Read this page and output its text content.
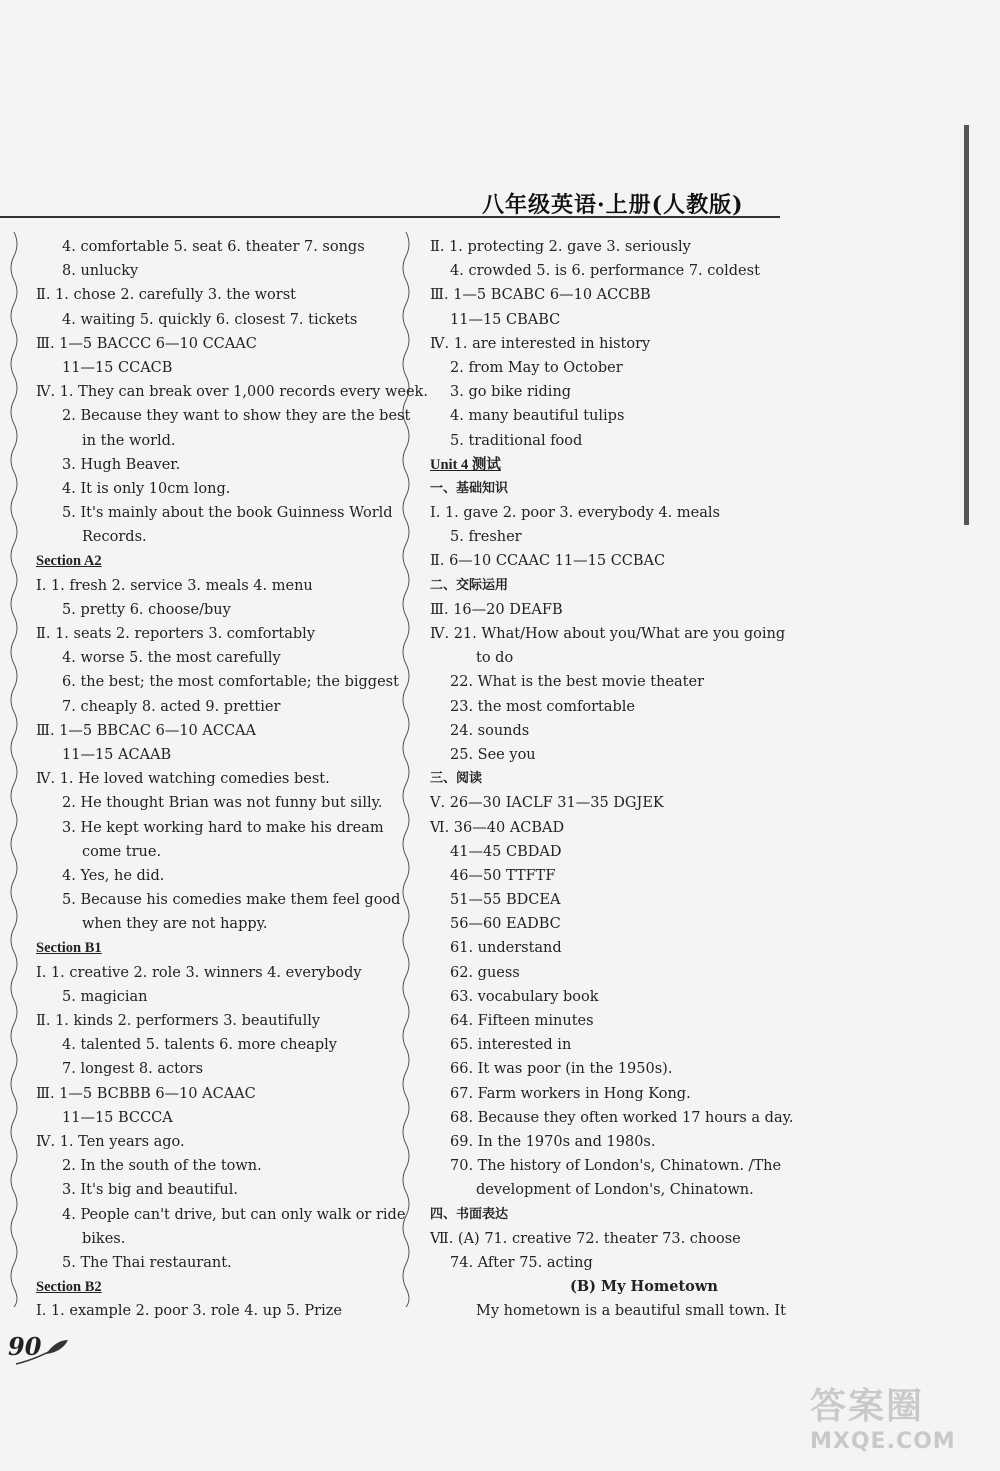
八年级英语·上册(人教版)
4. comfortable 5. seat 6. theater 7. songs
8. unlucky
Ⅱ. 1. chose 2. carefully 3. the worst
4. waiting 5. quickly 6. closest 7. tickets
Ⅲ. 1—5 BACCC 6—10 CCAAC
11—15 CCACB
Ⅳ. 1. They can break over 1,000 records every week.
2. Because they want to show they are the best
in the world.
3. Hugh Beaver.
4. It is only 10cm long.
5. It's mainly about the book Guinness World
Records.
Section A2
Ⅰ. 1. fresh 2. service 3. meals 4. menu
5. pretty 6. choose/buy
Ⅱ. 1. seats 2. reporters 3. comfortably
4. worse 5. the most carefully
6. the best; the most comfortable; the biggest
7. cheaply 8. acted 9. prettier
Ⅲ. 1—5 BBCAC 6—10 ACCAA
11—15 ACAAB
Ⅳ. 1. He loved watching comedies best.
2. He thought Brian was not funny but silly.
3. He kept working hard to make his dream
come true.
4. Yes, he did.
5. Because his comedies make them feel good
when they are not happy.
Section B1
Ⅰ. 1. creative 2. role 3. winners 4. everybody
5. magician
Ⅱ. 1. kinds 2. performers 3. beautifully
4. talented 5. talents 6. more cheaply
7. longest 8. actors
Ⅲ. 1—5 BCBBB 6—10 ACAAC
11—15 BCCCA
Ⅳ. 1. Ten years ago.
2. In the south of the town.
3. It's big and beautiful.
4. People can't drive, but can only walk or ride
bikes.
5. The Thai restaurant.
Section B2
Ⅰ. 1. example 2. poor 3. role 4. up 5. Prize
Ⅱ. 1. protecting 2. gave 3. seriously
4. crowded 5. is 6. performance 7. coldest
Ⅲ. 1—5 BCABC 6—10 ACCBB
11—15 CBABC
Ⅳ. 1. are interested in history
2. from May to October
3. go bike riding
4. many beautiful tulips
5. traditional food
Unit 4 测试
一、基础知识
Ⅰ. 1. gave 2. poor 3. everybody 4. meals
5. fresher
Ⅱ. 6—10 CCAAC 11—15 CCBAC
二、交际运用
Ⅲ. 16—20 DEAFB
Ⅳ. 21. What/How about you/What are you going
to do
22. What is the best movie theater
23. the most comfortable
24. sounds
25. See you
三、阅读
Ⅴ. 26—30 IACLF 31—35 DGJEK
Ⅵ. 36—40 ACBAD
41—45 CBDAD
46—50 TTFTF
51—55 BDCEA
56—60 EADBC
61. understand
62. guess
63. vocabulary book
64. Fifteen minutes
65. interested in
66. It was poor (in the 1950s).
67. Farm workers in Hong Kong.
68. Because they often worked 17 hours a day.
69. In the 1970s and 1980s.
70. The history of London's, Chinatown. /The
development of London's, Chinatown.
四、书面表达
Ⅶ. (A) 71. creative 72. theater 73. choose
74. After 75. acting
(B) My Hometown
My hometown is a beautiful small town. It
90
答案圈
MXQE.COM
